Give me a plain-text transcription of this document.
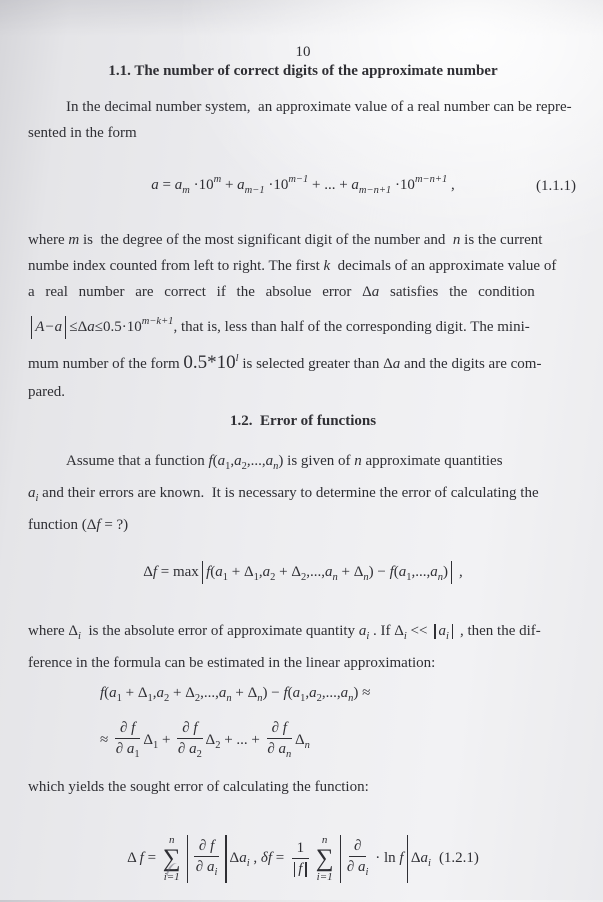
10
1.1. The number of correct digits of the approximate number
In the decimal number system,  an approximate value of a real number can be repre-
sented in the form
$a = a_m \cdot 10^m + a_{m-1} \cdot 10^{m-1}$ + ... + $a_{m-n+1} \cdot 10^{m-n+1}$ ,	(1.1.1)
where m is  the degree of the most significant digit of the number and  n is the current
numbe index counted from left to right. The first k  decimals of an approximate value of
a real number are correct if the absolue error Δa satisfies the condition
$A-a \le\Delta a\le 0.5\cdot 10^{m-k+1}$, that is, less than half of the corresponding digit. The mini-
mum number of the form 0.5*10$^l$ is selected greater than Δa and the digits are com-
pared.
1.2.  Error of functions
Assume that a function $f(a_1,a_2,...,a_n)$ is given of n approximate quantities
$a_i$ and their errors are known.  It is necessary to determine the error of calculating the
function (Δf = ?)
$\Delta f = \max f(a_1 + \Delta_1,a_2 + \Delta_2,...,a_n + \Delta_n) - f(a_1,...,a_n)$ ,
where $\Delta_i$  is the absolute error of approximate quantity $a_i$ . If $\Delta_i << a_i$ , then the dif-
ference in the formula can be estimated in the linear approximation:
$f(a_1 + \Delta_1,a_2 + \Delta_2,...,a_n + \Delta_n) - f(a_1,a_2,...,a_n)$ ≈
≈ $\frac{\partial f}{\partial a_1} \Delta_1 + \frac{\partial f}{\partial a_2} \Delta_2$ + ... + $\frac{\partial f}{\partial a_n} \Delta_n$
which yields the sought error of calculating the function:
Δ f =
n
∑
$i=1 \frac{\partial f}{\partial a_i} \Delta a_i$ , $\delta f = \frac{1}{f}$ n
∑
i=1
∂
∂ $a_i$
· ln f $\Delta a_i$ (1.2.1)
